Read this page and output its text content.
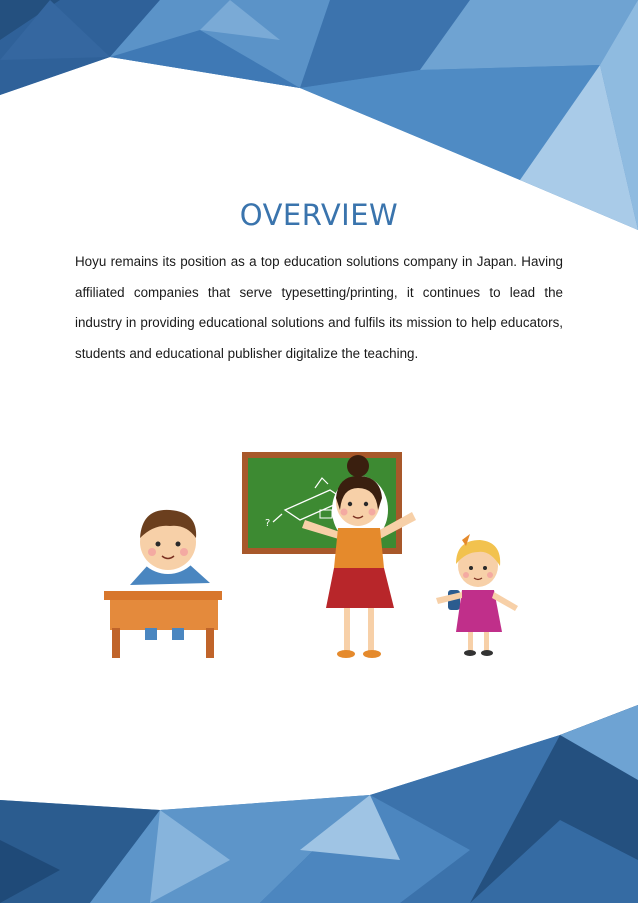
OVERVIEW

Hoyu remains its position as a top education solutions company in Japan. Having affiliated companies that serve typesetting/printing, it continues to lead the industry in providing educational solutions and fulfils its mission to help educators, students and educational publisher digitalize the teaching.

?
